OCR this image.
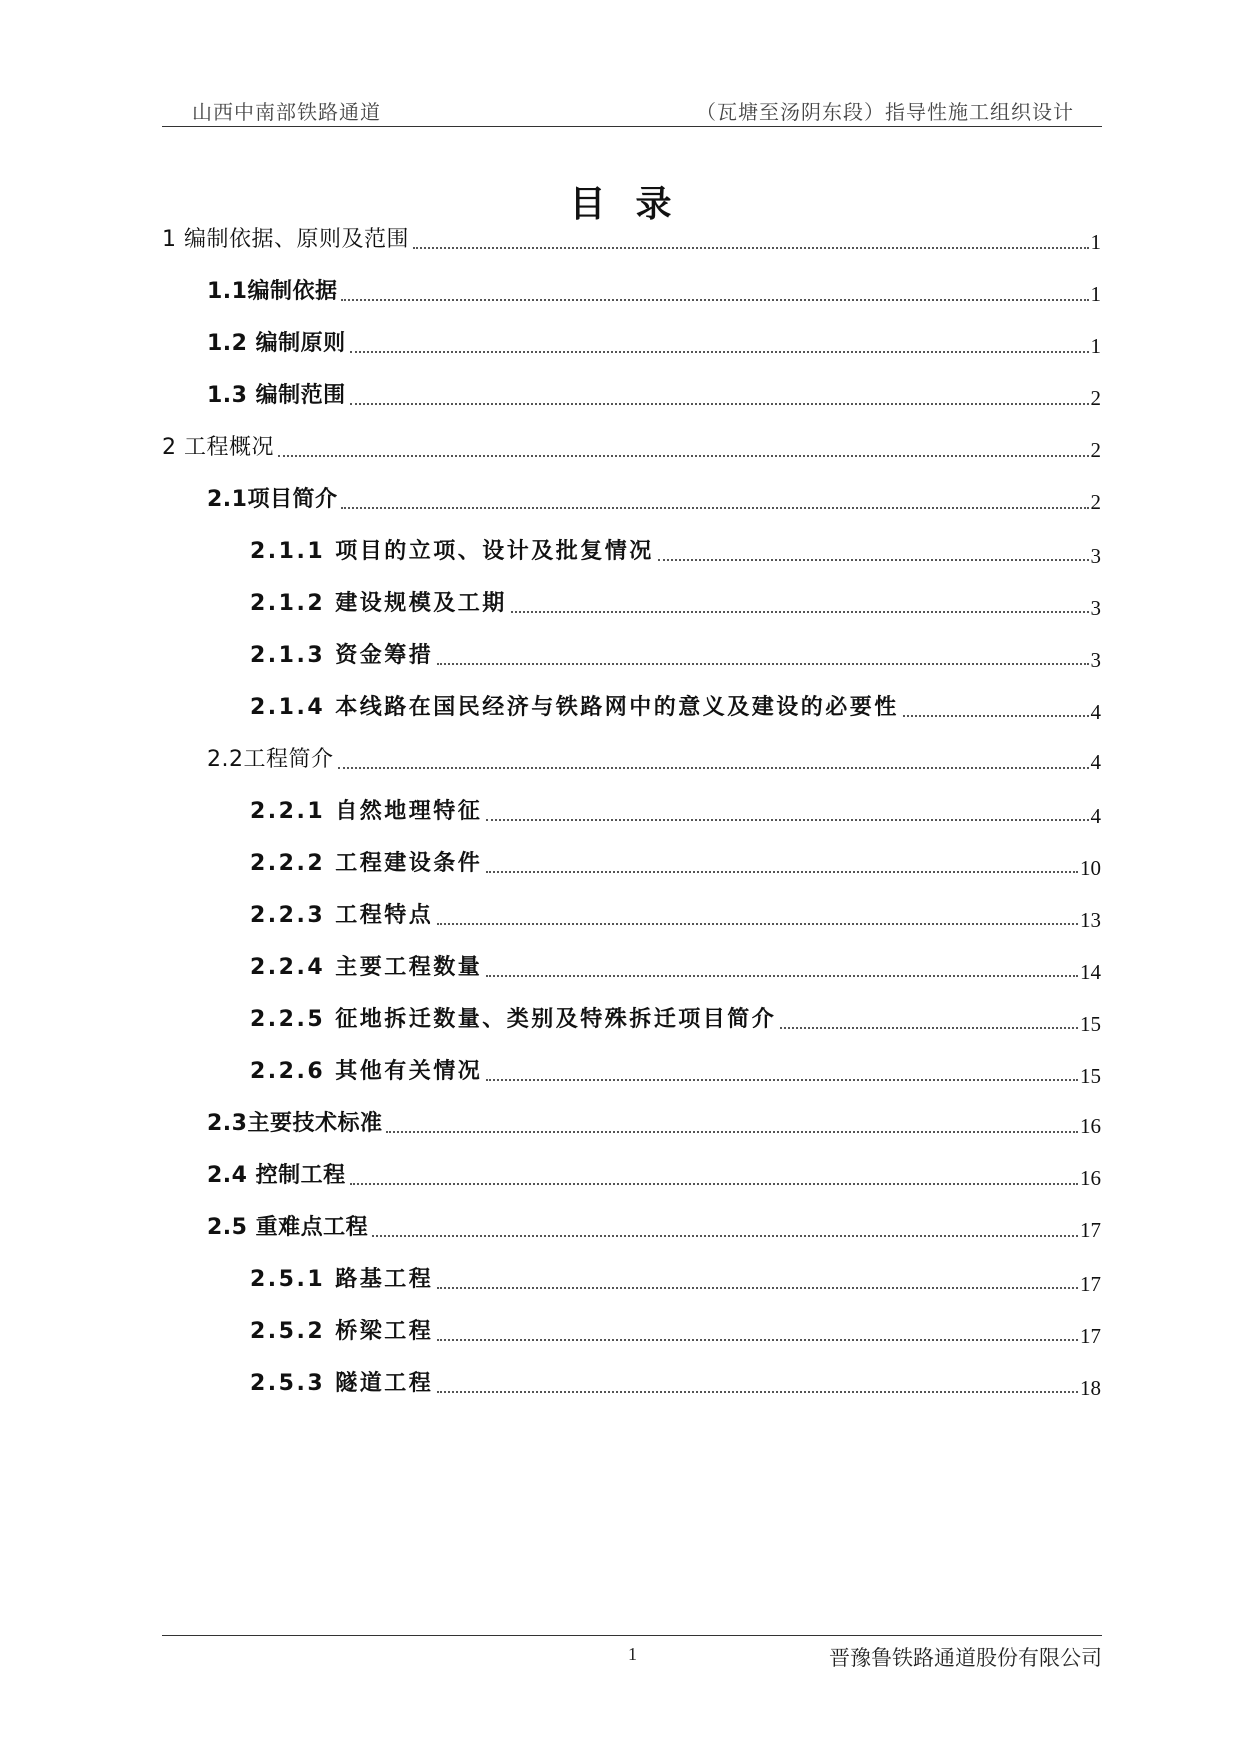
山西中南部铁路通道	（瓦塘至汤阴东段）指导性施工组织设计
目录
1 编制依据、原则及范围	1
1.1编制依据	1
1.2 编制原则	1
1.3 编制范围	2
2 工程概况	2
2.1项目简介	2
2.1.1 项目的立项、设计及批复情况	3
2.1.2 建设规模及工期	3
2.1.3 资金筹措	3
2.1.4 本线路在国民经济与铁路网中的意义及建设的必要性	4
2.2工程简介	4
2.2.1 自然地理特征	4
2.2.2 工程建设条件	10
2.2.3 工程特点	13
2.2.4 主要工程数量	14
2.2.5 征地拆迁数量、类别及特殊拆迁项目简介	15
2.2.6 其他有关情况	15
2.3主要技术标准	16
2.4 控制工程	16
2.5 重难点工程	17
2.5.1 路基工程	17
2.5.2 桥梁工程	17
2.5.3 隧道工程	18
1	晋豫鲁铁路通道股份有限公司
